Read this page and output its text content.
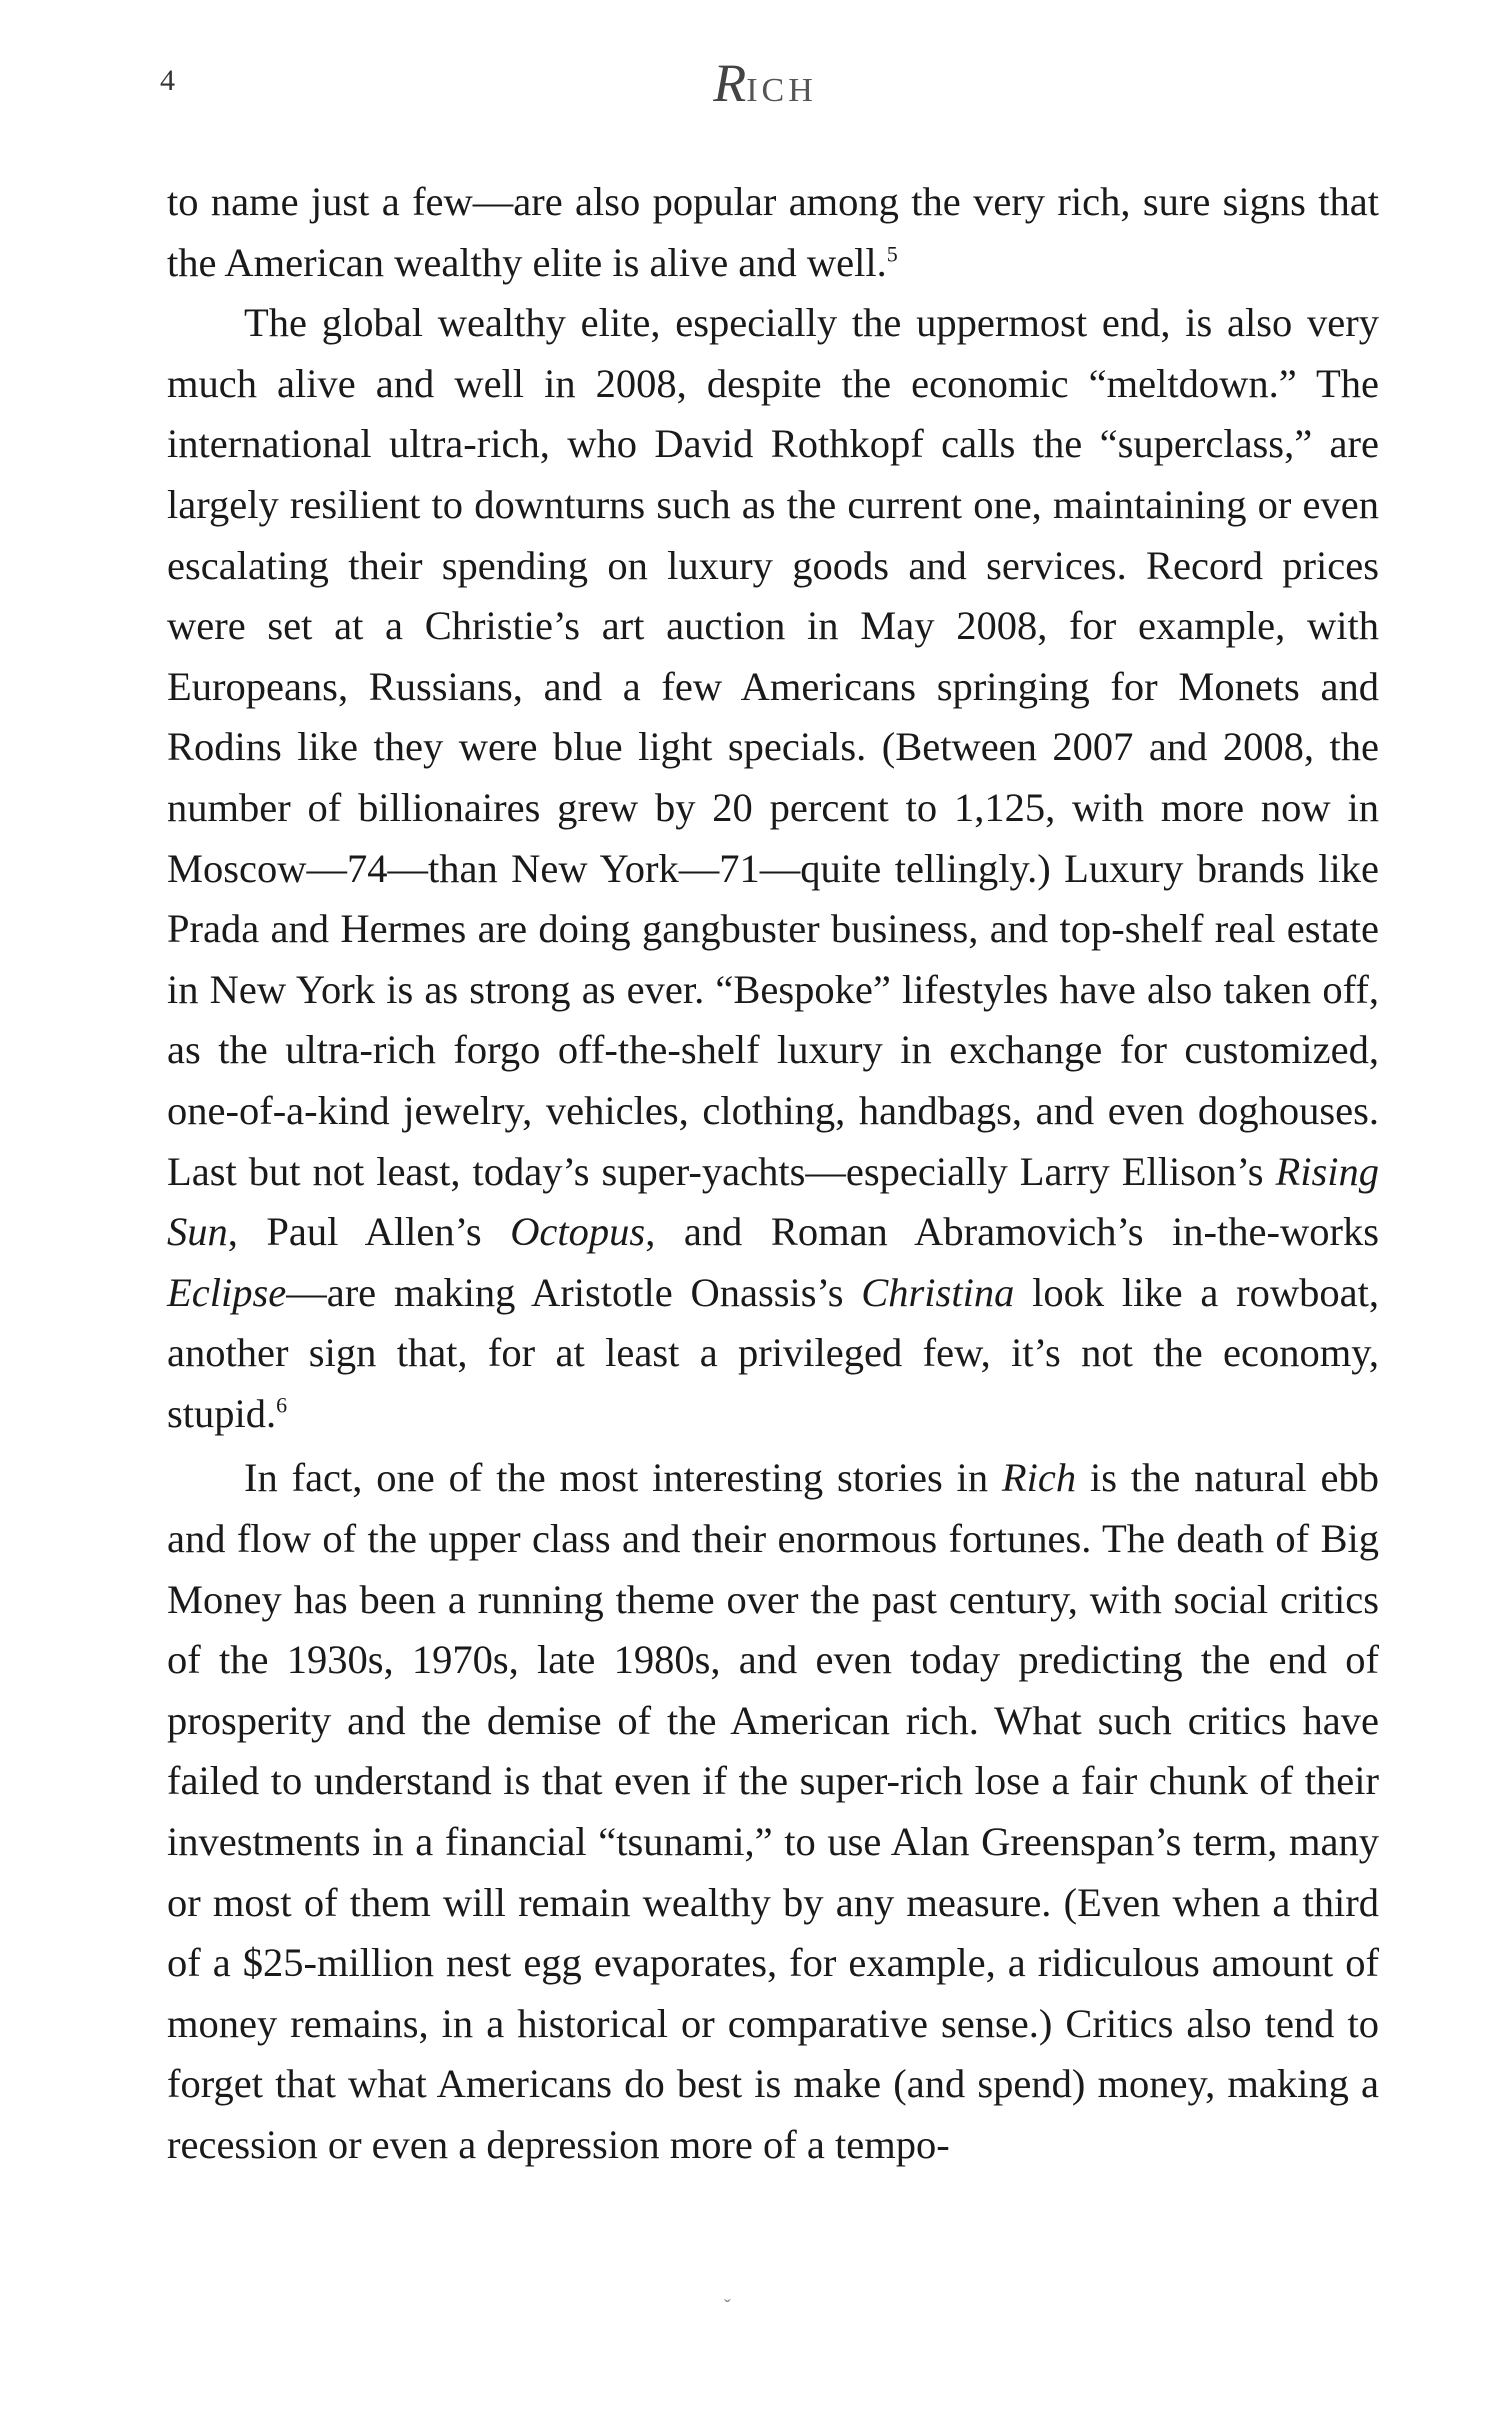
4	RICH

to name just a few—are also popular among the very rich, sure signs that the American wealthy elite is alive and well.$^5$

The global wealthy elite, especially the uppermost end, is also very much alive and well in 2008, despite the economic “meltdown.” The international ultra-rich, who David Rothkopf calls the “superclass,” are largely resilient to downturns such as the current one, maintaining or even escalating their spending on luxury goods and services. Record prices were set at a Christie’s art auction in May 2008, for example, with Europeans, Russians, and a few Americans springing for Monets and Rodins like they were blue light specials. (Between 2007 and 2008, the number of billionaires grew by 20 percent to 1,125, with more now in Moscow—74—than New York—71—quite tellingly.) Luxury brands like Prada and Hermes are doing gangbuster business, and top-shelf real estate in New York is as strong as ever. “Bespoke” lifestyles have also taken off, as the ultra-rich forgo off-the-shelf luxury in exchange for customized, one-of-a-kind jewelry, vehicles, clothing, handbags, and even doghouses. Last but not least, today’s super-yachts—especially Larry Ellison’s Rising Sun, Paul Allen’s Octopus, and Roman Abramovich’s in-the-works Eclipse—are making Aristotle Onassis’s Christina look like a rowboat, another sign that, for at least a privileged few, it’s not the economy, stupid.$^6$

In fact, one of the most interesting stories in Rich is the natural ebb and flow of the upper class and their enormous fortunes. The death of Big Money has been a running theme over the past century, with social critics of the 1930s, 1970s, late 1980s, and even today predicting the end of prosperity and the demise of the American rich. What such critics have failed to understand is that even if the super-rich lose a fair chunk of their investments in a financial “tsunami,” to use Alan Greenspan’s term, many or most of them will remain wealthy by any measure. (Even when a third of a $25-million nest egg evaporates, for example, a ridiculous amount of money remains, in a historical or comparative sense.) Critics also tend to forget that what Americans do best is make (and spend) money, making a recession or even a depression more of a tempo-

ˇ
